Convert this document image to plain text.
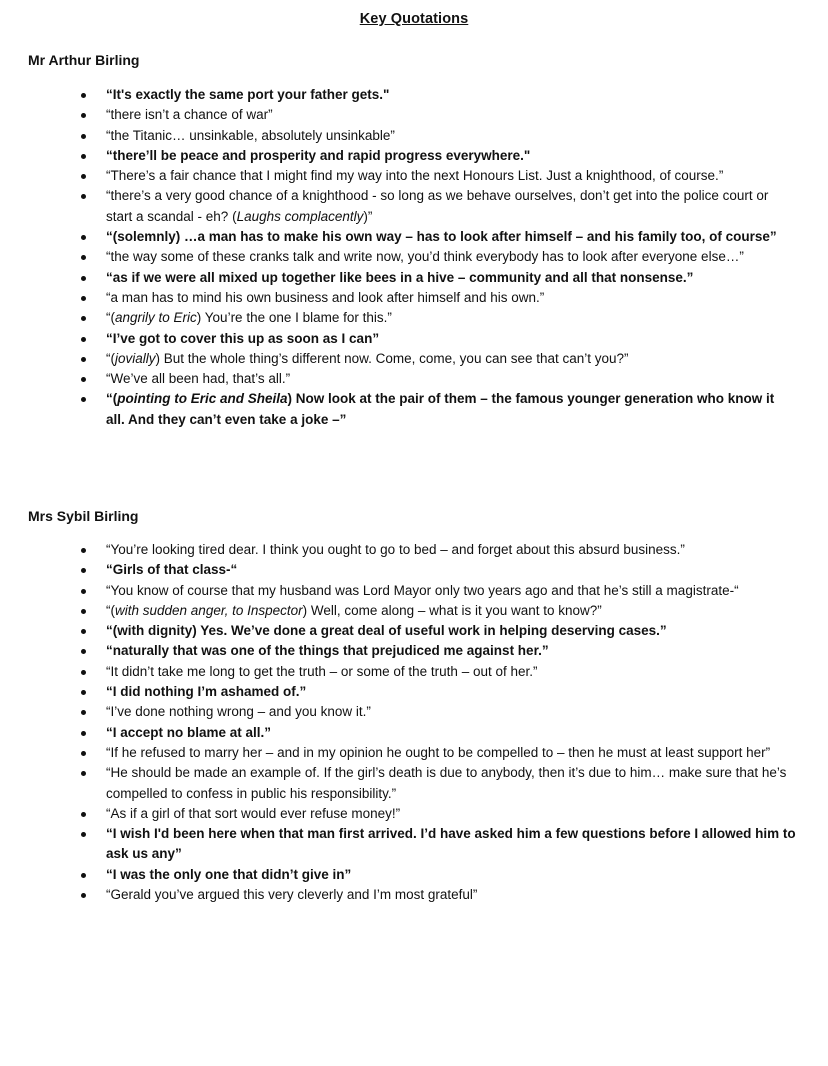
Key Quotations
Mr Arthur Birling
“It's exactly the same port your father gets."
“there isn’t a chance of war”
“the Titanic… unsinkable, absolutely unsinkable”
“there’ll be peace and prosperity and rapid progress everywhere."
“There’s a fair chance that I might find my way into the next Honours List. Just a knighthood, of course.”
“there’s a very good chance of a knighthood - so long as we behave ourselves, don’t get into the police court or start a scandal - eh? (Laughs complacently)”
“(solemnly) …a man has to make his own way – has to look after himself – and his family too, of course”
“the way some of these cranks talk and write now, you’d think everybody has to look after everyone else…”
“as if we were all mixed up together like bees in a hive – community and all that nonsense.”
“a man has to mind his own business and look after himself and his own.”
“(angrily to Eric) You’re the one I blame for this.”
“I’ve got to cover this up as soon as I can”
“(jovially) But the whole thing’s different now. Come, come, you can see that can’t you?”
“We’ve all been had, that’s all.”
“(pointing to Eric and Sheila) Now look at the pair of them – the famous younger generation who know it all. And they can’t even take a joke –”
Mrs Sybil Birling
“You’re looking tired dear. I think you ought to go to bed – and forget about this absurd business.”
“Girls of that class-“
“You know of course that my husband was Lord Mayor only two years ago and that he’s still a magistrate-“
“(with sudden anger, to Inspector) Well, come along – what is it you want to know?”
“(with dignity) Yes. We’ve done a great deal of useful work in helping deserving cases.”
“naturally that was one of the things that prejudiced me against her.”
“It didn’t take me long to get the truth – or some of the truth – out of her.”
“I did nothing I’m ashamed of.”
“I’ve done nothing wrong – and you know it.”
“I accept no blame at all.”
“If he refused to marry her – and in my opinion he ought to be compelled to – then he must at least support her”
“He should be made an example of. If the girl’s death is due to anybody, then it’s due to him… make sure that he’s compelled to confess in public his responsibility.”
“As if a girl of that sort would ever refuse money!”
“I wish I'd been here when that man first arrived. I’d have asked him a few questions before I allowed him to ask us any”
“I was the only one that didn’t give in”
“Gerald you’ve argued this very cleverly and I’m most grateful”
